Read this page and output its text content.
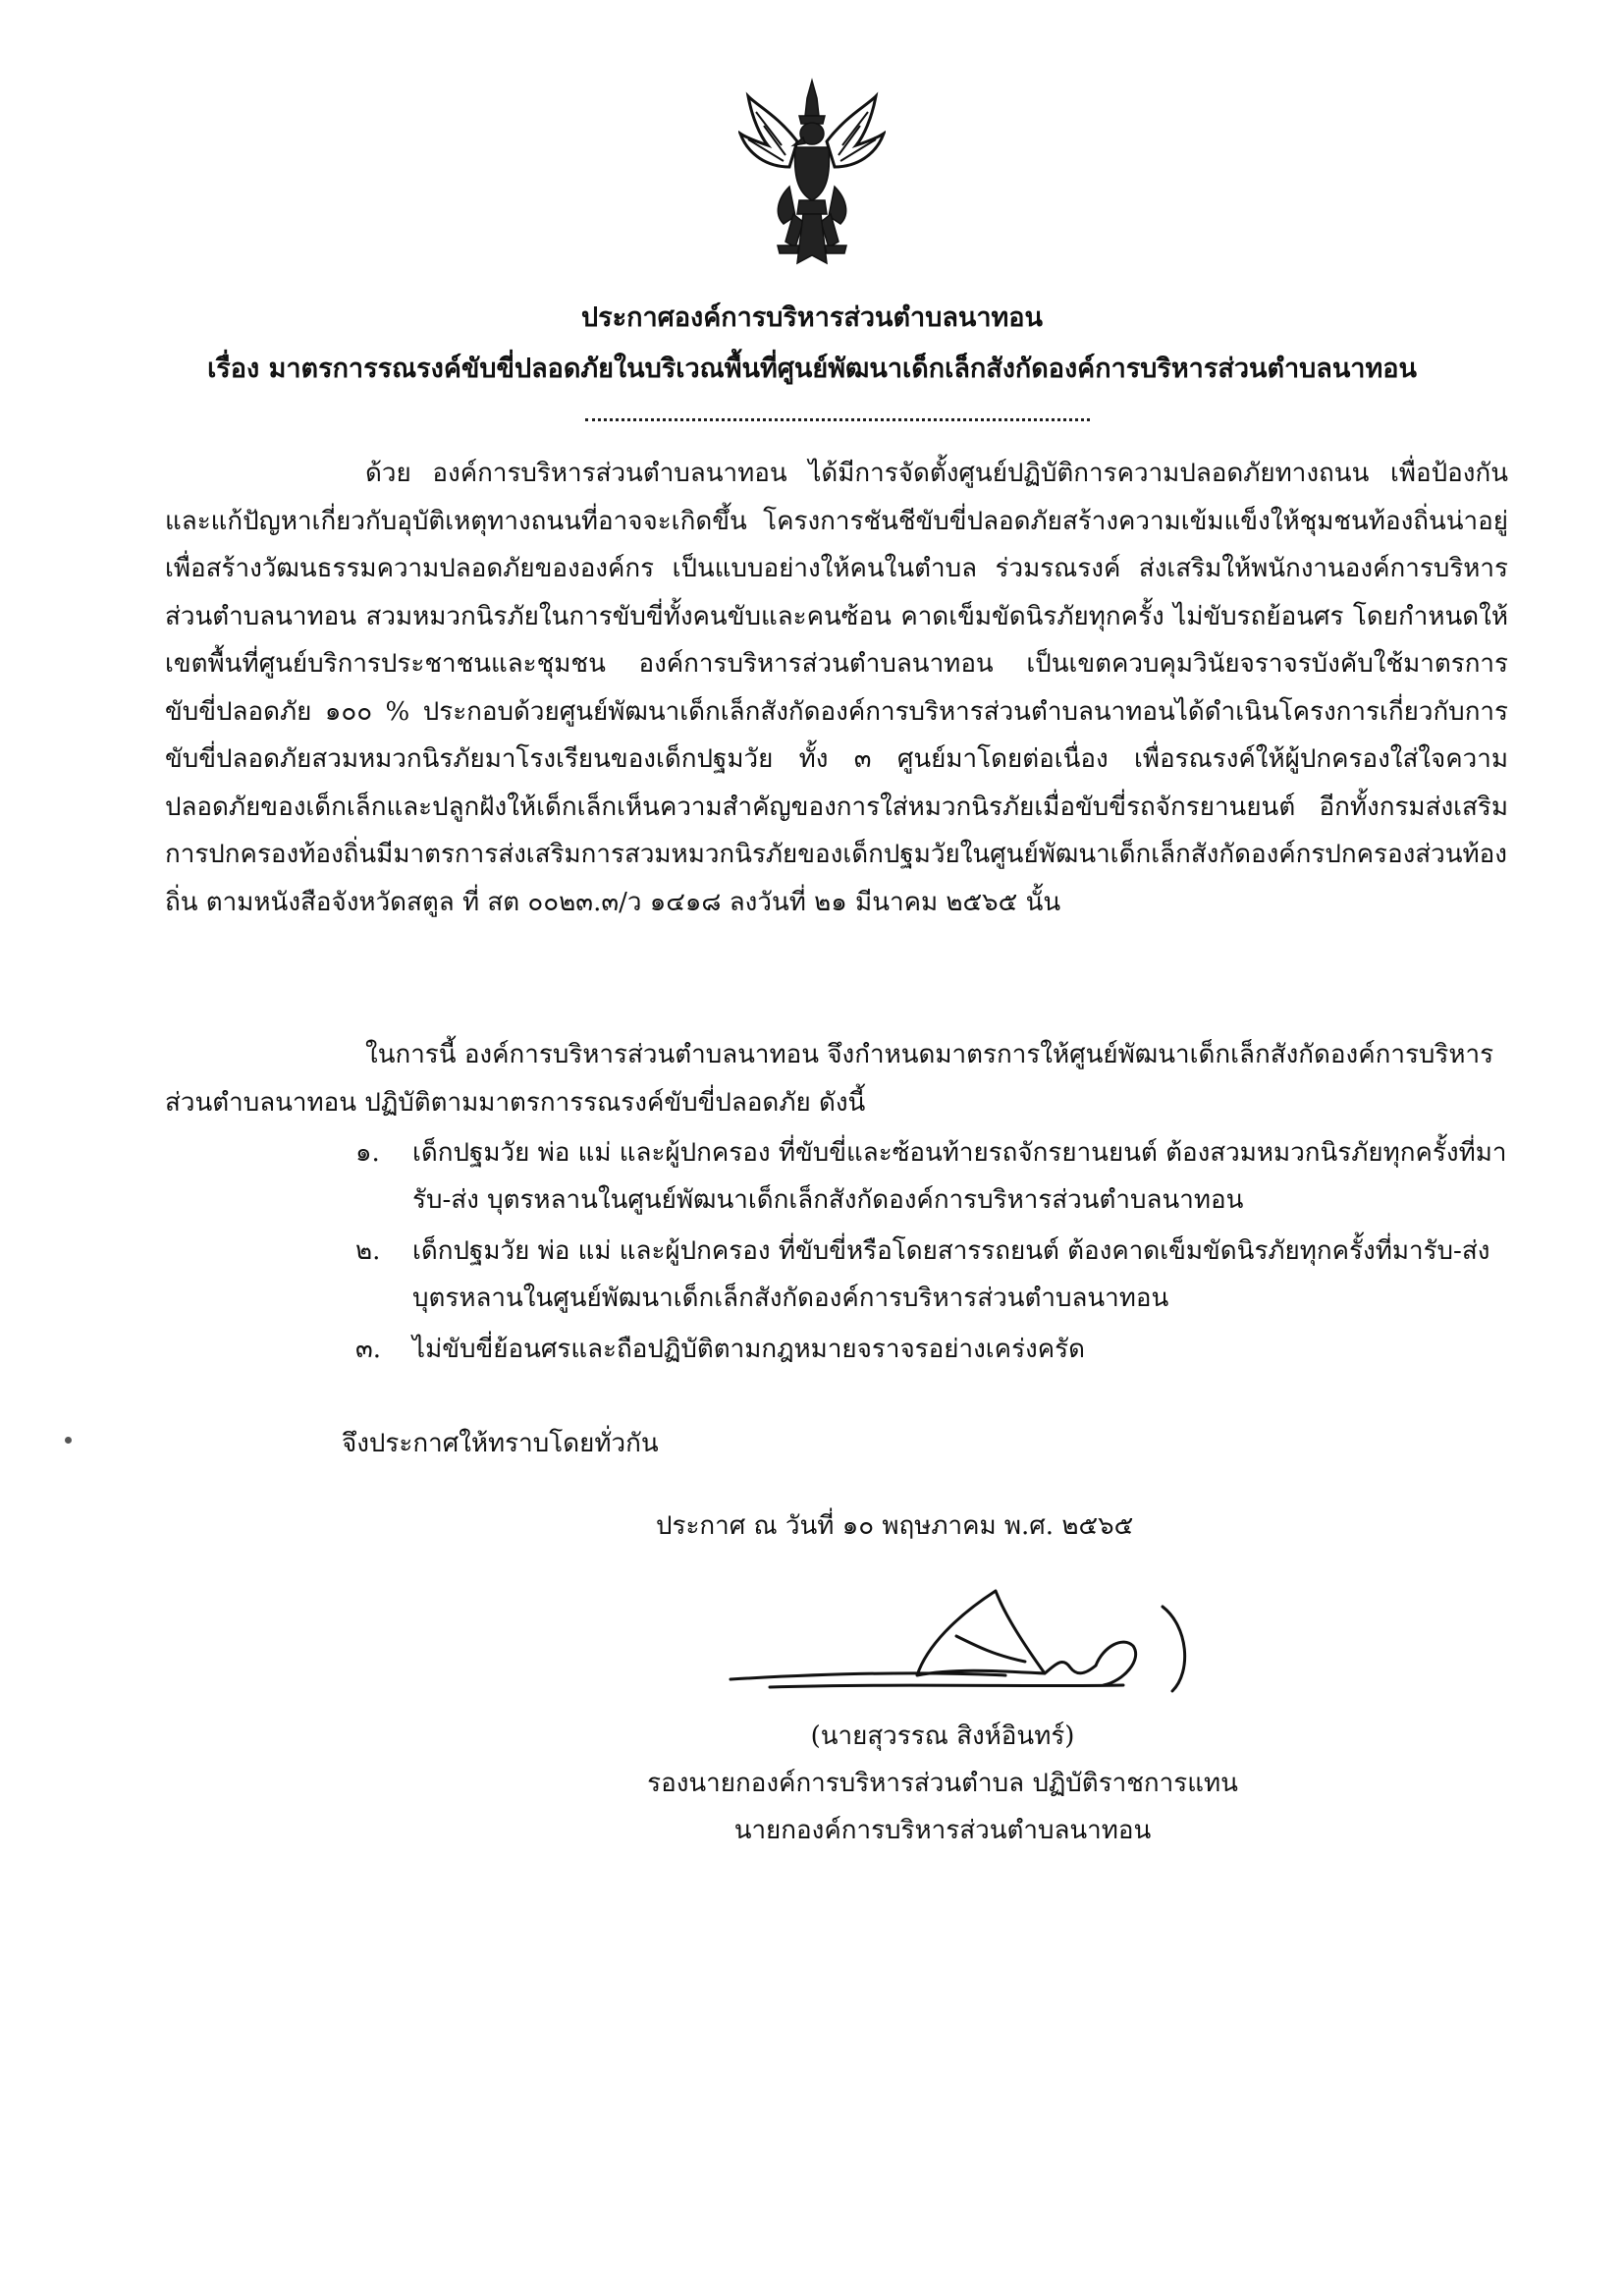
ประกาศองค์การบริหารส่วนตำบลนาทอน
เรื่อง มาตรการรณรงค์ขับขี่ปลอดภัยในบริเวณพื้นที่ศูนย์พัฒนาเด็กเล็กสังกัดองค์การบริหารส่วนตำบลนาทอน
ด้วย องค์การบริหารส่วนตำบลนาทอน ได้มีการจัดตั้งศูนย์ปฏิบัติการความปลอดภัยทางถนน เพื่อป้องกันและแก้ปัญหาเกี่ยวกับอุบัติเหตุทางถนนที่อาจจะเกิดขึ้น โครงการชันชีขับขี่ปลอดภัยสร้างความเข้มแข็งให้ชุมชนท้องถิ่นน่าอยู่ เพื่อสร้างวัฒนธรรมความปลอดภัยขององค์กร เป็นแบบอย่างให้คนในตำบล ร่วมรณรงค์ ส่งเสริมให้พนักงานองค์การบริหารส่วนตำบลนาทอน สวมหมวกนิรภัยในการขับขี่ทั้งคนขับและคนซ้อน คาดเข็มขัดนิรภัยทุกครั้ง ไม่ขับรถย้อนศร โดยกำหนดให้เขตพื้นที่ศูนย์บริการประชาชนและชุมชน องค์การบริหารส่วนตำบลนาทอน เป็นเขตควบคุมวินัยจราจรบังคับใช้มาตรการขับขี่ปลอดภัย ๑๐๐ % ประกอบด้วยศูนย์พัฒนาเด็กเล็กสังกัดองค์การบริหารส่วนตำบลนาทอนได้ดำเนินโครงการเกี่ยวกับการขับขี่ปลอดภัยสวมหมวกนิรภัยมาโรงเรียนของเด็กปฐมวัย ทั้ง ๓ ศูนย์มาโดยต่อเนื่อง เพื่อรณรงค์ให้ผู้ปกครองใส่ใจความปลอดภัยของเด็กเล็กและปลูกฝังให้เด็กเล็กเห็นความสำคัญของการใส่หมวกนิรภัยเมื่อขับขี่รถจักรยานยนต์ อีกทั้งกรมส่งเสริมการปกครองท้องถิ่นมีมาตรการส่งเสริมการสวมหมวกนิรภัยของเด็กปฐมวัยในศูนย์พัฒนาเด็กเล็กสังกัดองค์กรปกครองส่วนท้องถิ่น ตามหนังสือจังหวัดสตูล ที่ สต ๐๐๒๓.๓/ว ๑๔๑๘ ลงวันที่ ๒๑ มีนาคม ๒๕๖๕ นั้น
ในการนี้ องค์การบริหารส่วนตำบลนาทอน จึงกำหนดมาตรการให้ศูนย์พัฒนาเด็กเล็กสังกัดองค์การบริหารส่วนตำบลนาทอน ปฏิบัติตามมาตรการรณรงค์ขับขี่ปลอดภัย ดังนี้
๑. เด็กปฐมวัย พ่อ แม่ และผู้ปกครอง ที่ขับขี่และซ้อนท้ายรถจักรยานยนต์ ต้องสวมหมวกนิรภัยทุกครั้งที่มารับ-ส่ง บุตรหลานในศูนย์พัฒนาเด็กเล็กสังกัดองค์การบริหารส่วนตำบลนาทอน
๒. เด็กปฐมวัย พ่อ แม่ และผู้ปกครอง ที่ขับขี่หรือโดยสารรถยนต์ ต้องคาดเข็มขัดนิรภัยทุกครั้งที่มารับ-ส่ง บุตรหลานในศูนย์พัฒนาเด็กเล็กสังกัดองค์การบริหารส่วนตำบลนาทอน
๓. ไม่ขับขี่ย้อนศรและถือปฏิบัติตามกฎหมายจราจรอย่างเคร่งครัด
จึงประกาศให้ทราบโดยทั่วกัน
ประกาศ ณ วันที่ ๑๐ พฤษภาคม พ.ศ. ๒๕๖๕
(นายสุวรรณ สิงห์อินทร์)
รองนายกองค์การบริหารส่วนตำบล ปฏิบัติราชการแทน
นายกองค์การบริหารส่วนตำบลนาทอน
